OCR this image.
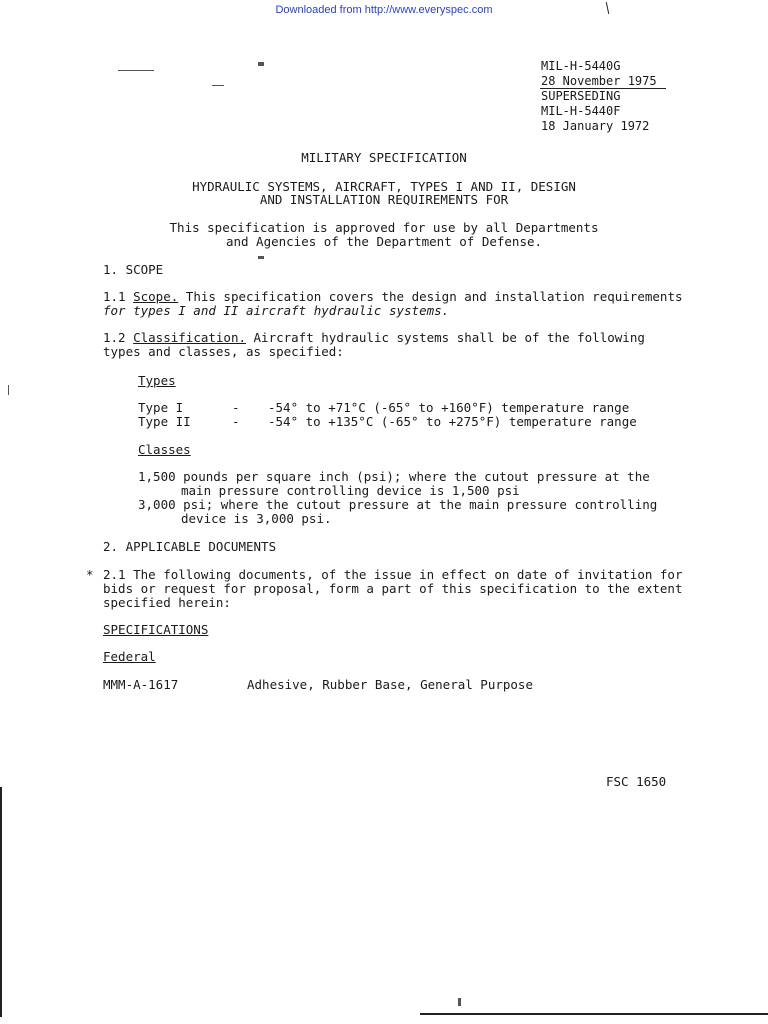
Downloaded from http://www.everyspec.com
MIL-H-5440G
28 November 1975
SUPERSEDING
MIL-H-5440F
18 January 1972
MILITARY SPECIFICATION
HYDRAULIC SYSTEMS, AIRCRAFT, TYPES I AND II, DESIGN
AND INSTALLATION REQUIREMENTS FOR
This specification is approved for use by all Departments
and Agencies of the Department of Defense.
1. SCOPE
1.1 Scope. This specification covers the design and installation requirements
for types I and II aircraft hydraulic systems.
1.2 Classification. Aircraft hydraulic systems shall be of the following
types and classes, as specified:
Types
Type I	- -54° to +71°C (-65° to +160°F) temperature range
Type II	- -54° to +135°C (-65° to +275°F) temperature range
Classes
1,500 pounds per square inch (psi); where the cutout pressure at the
main pressure controlling device is 1,500 psi
3,000 psi; where the cutout pressure at the main pressure controlling
device is 3,000 psi.
2. APPLICABLE DOCUMENTS
* 2.1 The following documents, of the issue in effect on date of invitation for
bids or request for proposal, form a part of this specification to the extent
specified herein:
SPECIFICATIONS
Federal
MMM-A-1617	Adhesive, Rubber Base, General Purpose
FSC 1650
